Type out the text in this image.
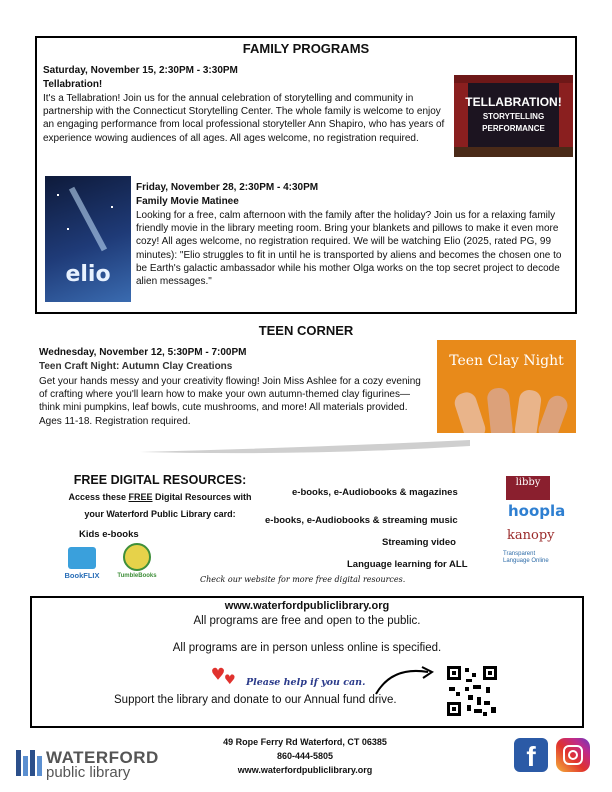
FAMILY PROGRAMS
Saturday, November 15, 2:30PM - 3:30PM
Tellabration!
It's a Tellabration! Join us for the annual celebration of storytelling and community in partnership with the Connecticut Storytelling Center. The whole family is welcome to enjoy an engaging performance from local professional storyteller Ann Shapiro, who has years of experience wowing audiences of all ages. All ages welcome, no registration required.
TELLABRATION!
STORYTELLING
PERFORMANCE
elio
Friday, November 28, 2:30PM - 4:30PM
Family Movie Matinee
Looking for a free, calm afternoon with the family after the holiday? Join us for a relaxing family friendly movie in the library meeting room. Bring your blankets and pillows to make it even more cozy! All ages welcome, no registration required. We will be watching Elio (2025, rated PG, 99 minutes): "Elio struggles to fit in until he is transported by aliens and becomes the chosen one to be Earth's galactic ambassador while his mother Olga works on the top secret project to decode alien messages."
TEEN CORNER
Wednesday, November 12, 5:30PM - 7:00PM
Teen Craft Night: Autumn Clay Creations
Get your hands messy and your creativity flowing! Join Miss Ashlee for a cozy evening of crafting where you'll learn how to make your own autumn-themed clay figurines—think mini pumpkins, leaf bowls, cute mushrooms, and more! All materials provided. Ages 11-18. Registration required.
Teen Clay Night
FREE DIGITAL RESOURCES:
Access these FREE Digital Resources with
your Waterford Public Library card:
Kids e-books
BookFLIX	TumbleBooks
e-books, e-Audiobooks & magazines
e-books, e-Audiobooks & streaming music
Streaming video
Language learning for ALL
libby
hoopla
kanopy
Transparent Language Online
Check our website for more free digital resources.
www.waterfordpubliclibrary.org
All programs are free and open to the public.
All programs are in person unless online is specified.
♥ ♥ Please help if you can.
Support the library and donate to our Annual fund drive.
WATERFORD
public library
49 Rope Ferry Rd Waterford, CT 06385
860-444-5805
www.waterfordpubliclibrary.org	f
